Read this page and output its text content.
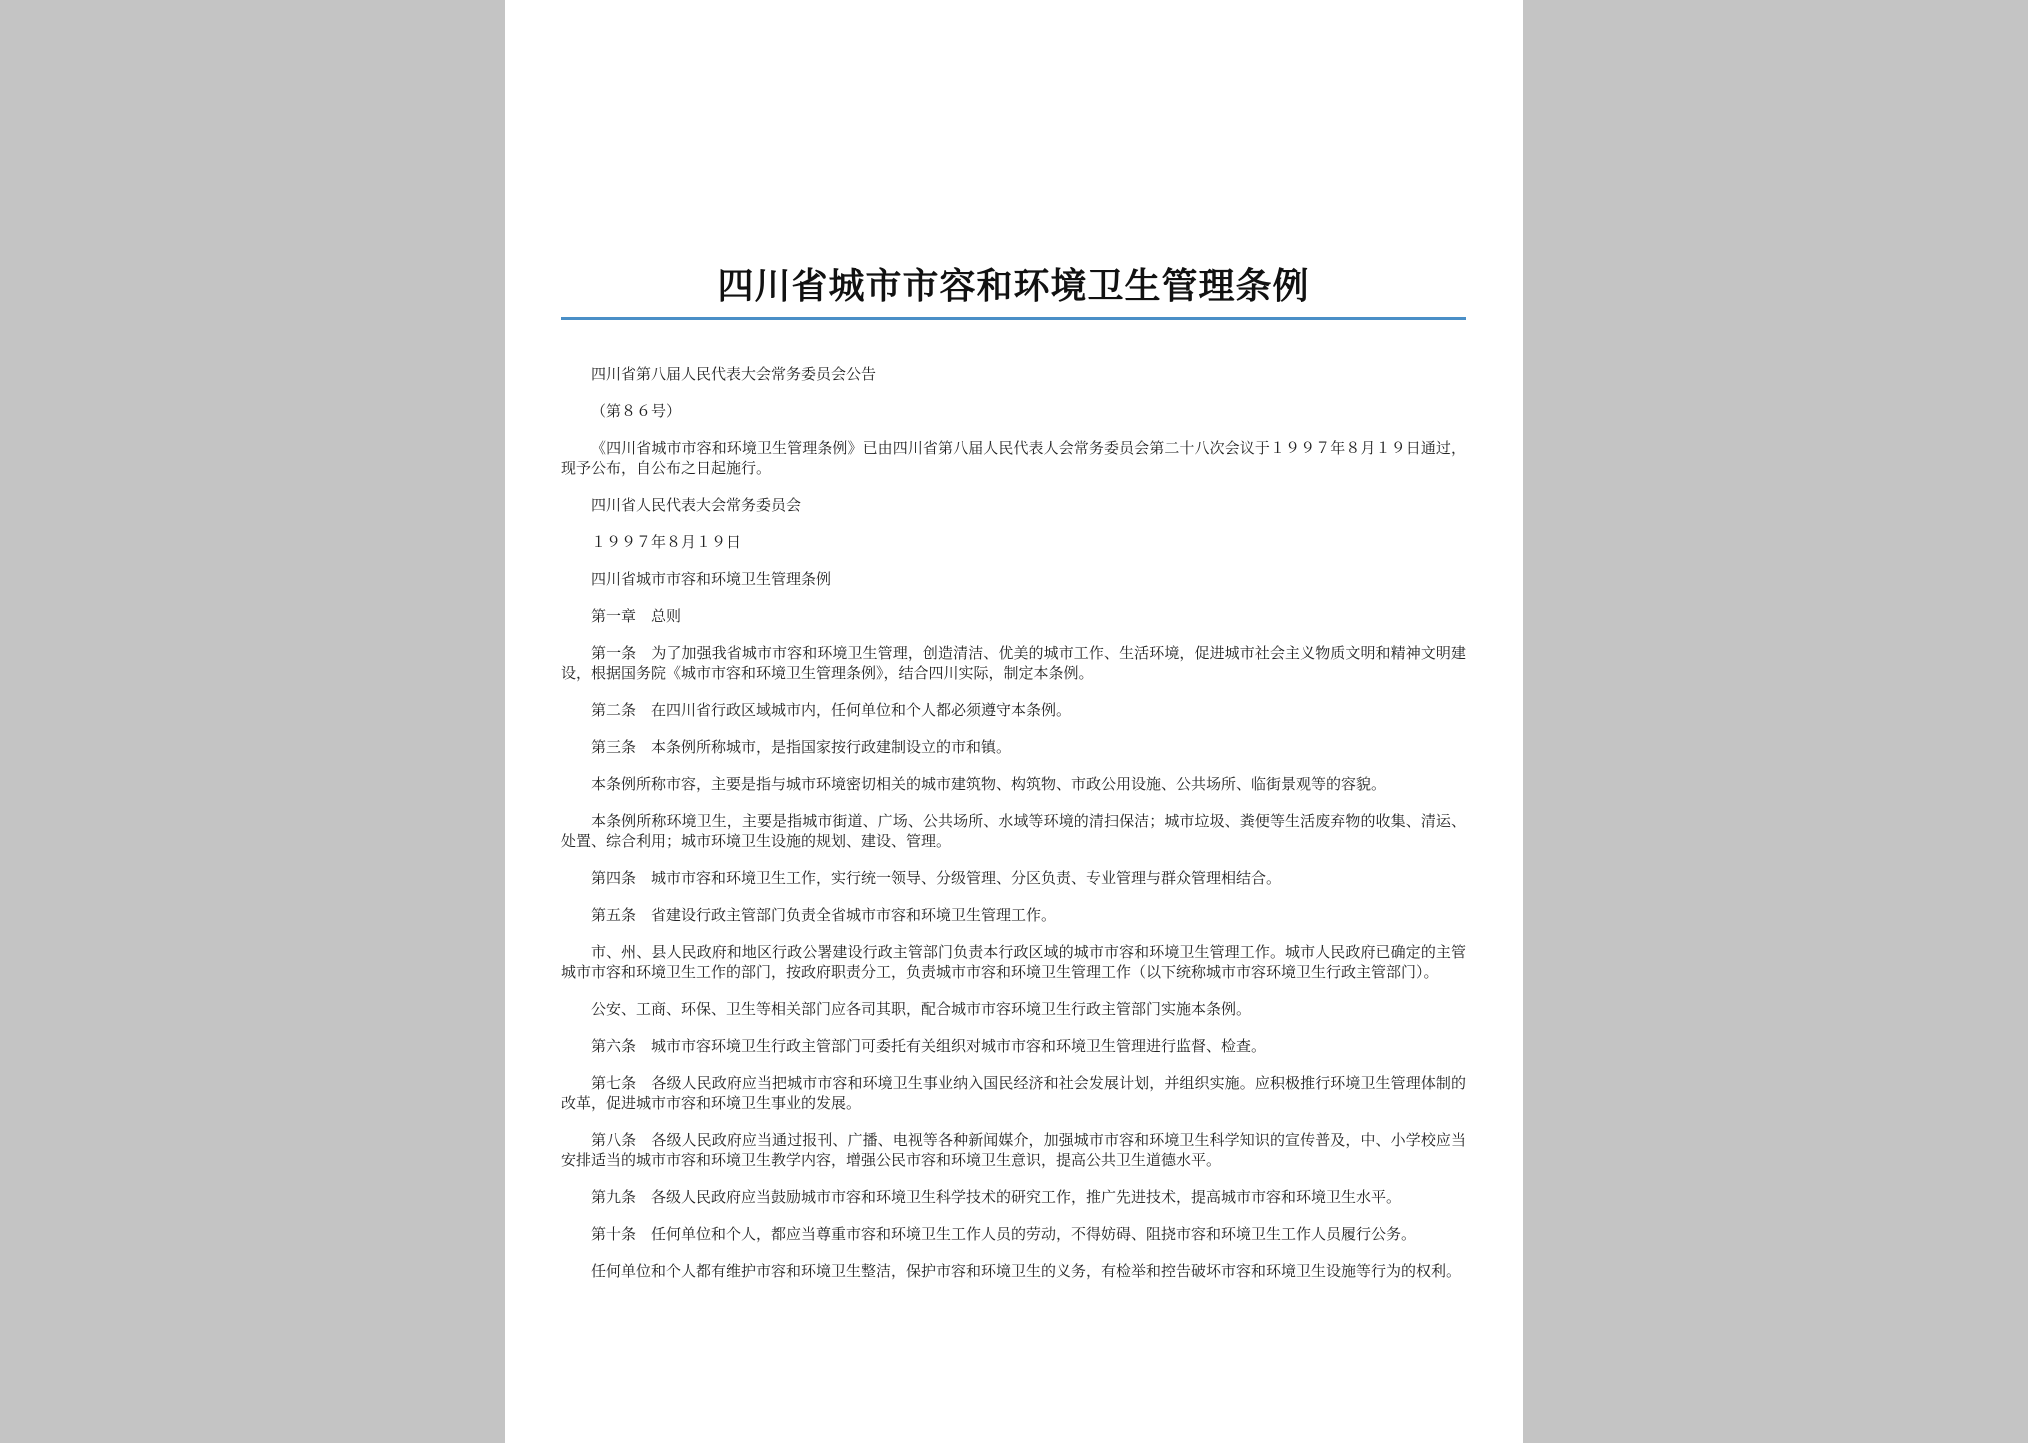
四川省城市市容和环境卫生管理条例

四川省第八届人民代表大会常务委员会公告

（第８６号）

《四川省城市市容和环境卫生管理条例》已由四川省第八届人民代表人会常务委员会第二十八次会议于１９９７年８月１９日通过，现予公布，自公布之日起施行。

四川省人民代表大会常务委员会

１９９７年８月１９日

四川省城市市容和环境卫生管理条例

第一章　总则

第一条　为了加强我省城市市容和环境卫生管理，创造清洁、优美的城市工作、生活环境，促进城市社会主义物质文明和精神文明建设，根据国务院《城市市容和环境卫生管理条例》，结合四川实际，制定本条例。

第二条　在四川省行政区域城市内，任何单位和个人都必须遵守本条例。

第三条　本条例所称城市，是指国家按行政建制设立的市和镇。

本条例所称市容，主要是指与城市环境密切相关的城市建筑物、构筑物、市政公用设施、公共场所、临街景观等的容貌。

本条例所称环境卫生，主要是指城市街道、广场、公共场所、水域等环境的清扫保洁；城市垃圾、粪便等生活废弃物的收集、清运、处置、综合利用；城市环境卫生设施的规划、建设、管理。

第四条　城市市容和环境卫生工作，实行统一领导、分级管理、分区负责、专业管理与群众管理相结合。

第五条　省建设行政主管部门负责全省城市市容和环境卫生管理工作。

市、州、县人民政府和地区行政公署建设行政主管部门负责本行政区域的城市市容和环境卫生管理工作。城市人民政府已确定的主管城市市容和环境卫生工作的部门，按政府职责分工，负责城市市容和环境卫生管理工作（以下统称城市市容环境卫生行政主管部门）。

公安、工商、环保、卫生等相关部门应各司其职，配合城市市容环境卫生行政主管部门实施本条例。

第六条　城市市容环境卫生行政主管部门可委托有关组织对城市市容和环境卫生管理进行监督、检查。

第七条　各级人民政府应当把城市市容和环境卫生事业纳入国民经济和社会发展计划，并组织实施。应积极推行环境卫生管理体制的改革，促进城市市容和环境卫生事业的发展。

第八条　各级人民政府应当通过报刊、广播、电视等各种新闻媒介，加强城市市容和环境卫生科学知识的宣传普及，中、小学校应当安排适当的城市市容和环境卫生教学内容，增强公民市容和环境卫生意识，提高公共卫生道德水平。

第九条　各级人民政府应当鼓励城市市容和环境卫生科学技术的研究工作，推广先进技术，提高城市市容和环境卫生水平。

第十条　任何单位和个人，都应当尊重市容和环境卫生工作人员的劳动，不得妨碍、阻挠市容和环境卫生工作人员履行公务。

任何单位和个人都有维护市容和环境卫生整洁，保护市容和环境卫生的义务，有检举和控告破坏市容和环境卫生设施等行为的权利。
